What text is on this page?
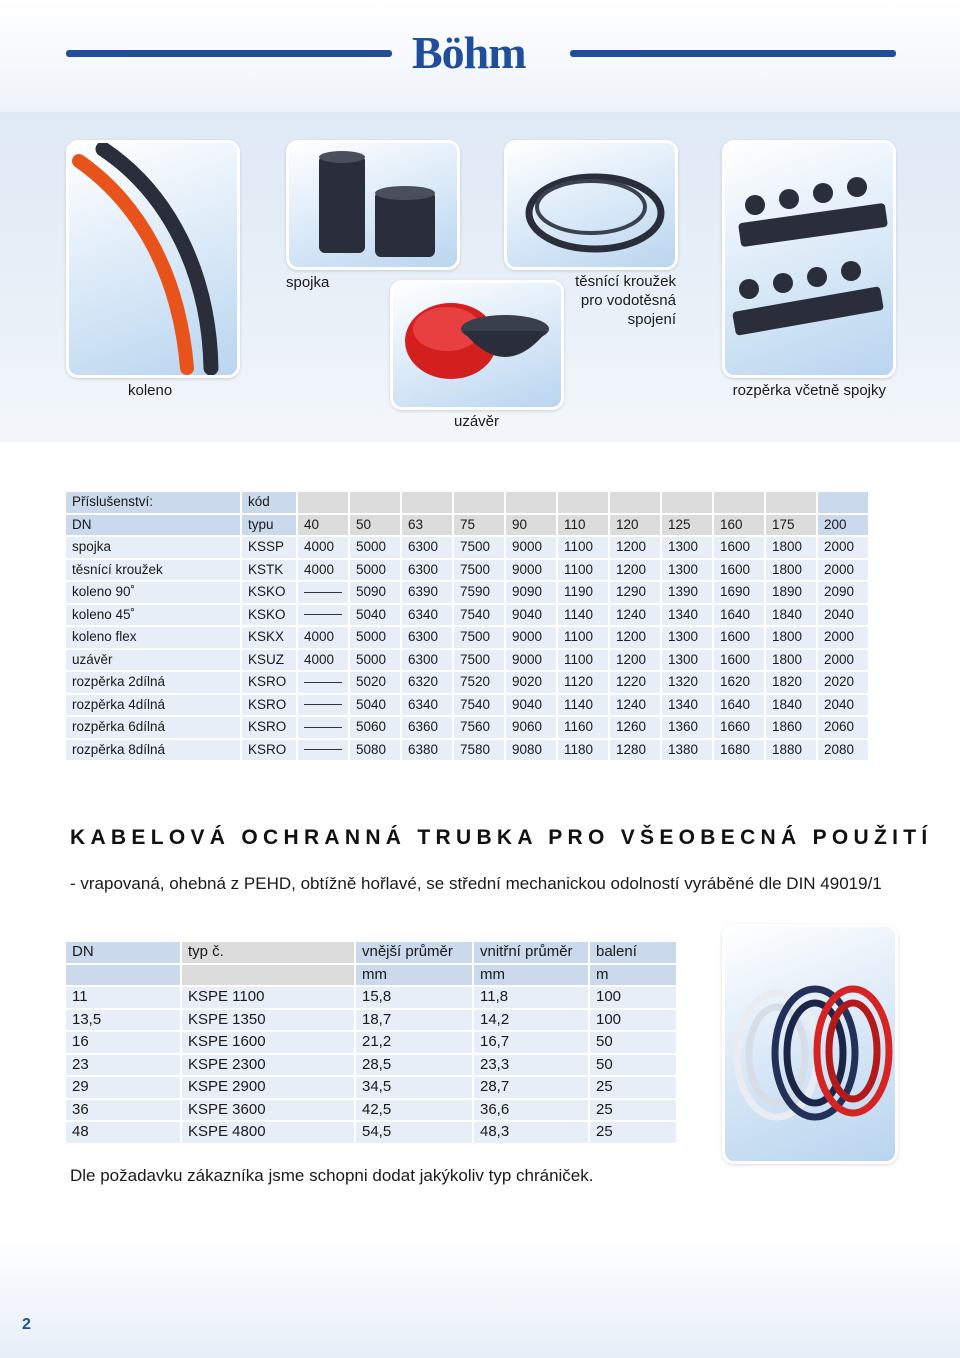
Böhm
koleno
spojka	těsnící kroužek
pro vodotěsná
spojení
uzávěr
rozpěrka včetně spojky
Příslušenství:	kód											
DN	typu	40	50	63	75	90	110	120	125	160	175	200
spojka	KSSP	4000	5000	6300	7500	9000	1100	1200	1300	1600	1800	2000
těsnící kroužek	KSTK	4000	5000	6300	7500	9000	1100	1200	1300	1600	1800	2000
koleno 90˚	KSKO		5090	6390	7590	9090	1190	1290	1390	1690	1890	2090
koleno 45˚	KSKO		5040	6340	7540	9040	1140	1240	1340	1640	1840	2040
koleno flex	KSKX	4000	5000	6300	7500	9000	1100	1200	1300	1600	1800	2000
uzávěr	KSUZ	4000	5000	6300	7500	9000	1100	1200	1300	1600	1800	2000
rozpěrka 2dílná	KSRO		5020	6320	7520	9020	1120	1220	1320	1620	1820	2020
rozpěrka 4dílná	KSRO		5040	6340	7540	9040	1140	1240	1340	1640	1840	2040
rozpěrka 6dílná	KSRO		5060	6360	7560	9060	1160	1260	1360	1660	1860	2060
rozpěrka 8dílná	KSRO		5080	6380	7580	9080	1180	1280	1380	1680	1880	2080
KABELOVÁ OCHRANNÁ TRUBKA PRO VŠEOBECNÁ POUŽITÍ
- vrapovaná, ohebná z PEHD, obtížně hořlavé, se střední mechanickou odolností vyráběné dle DIN 49019/1
DN	typ č.	vnější průměr	vnitřní průměr	balení
		mm	mm	m
11	KSPE 1100	15,8	11,8	100
13,5	KSPE 1350	18,7	14,2	100
16	KSPE 1600	21,2	16,7	50
23	KSPE 2300	28,5	23,3	50
29	KSPE 2900	34,5	28,7	25
36	KSPE 3600	42,5	36,6	25
48	KSPE 4800	54,5	48,3	25
Dle požadavku zákazníka jsme schopni dodat jakýkoliv typ chrániček.
2
